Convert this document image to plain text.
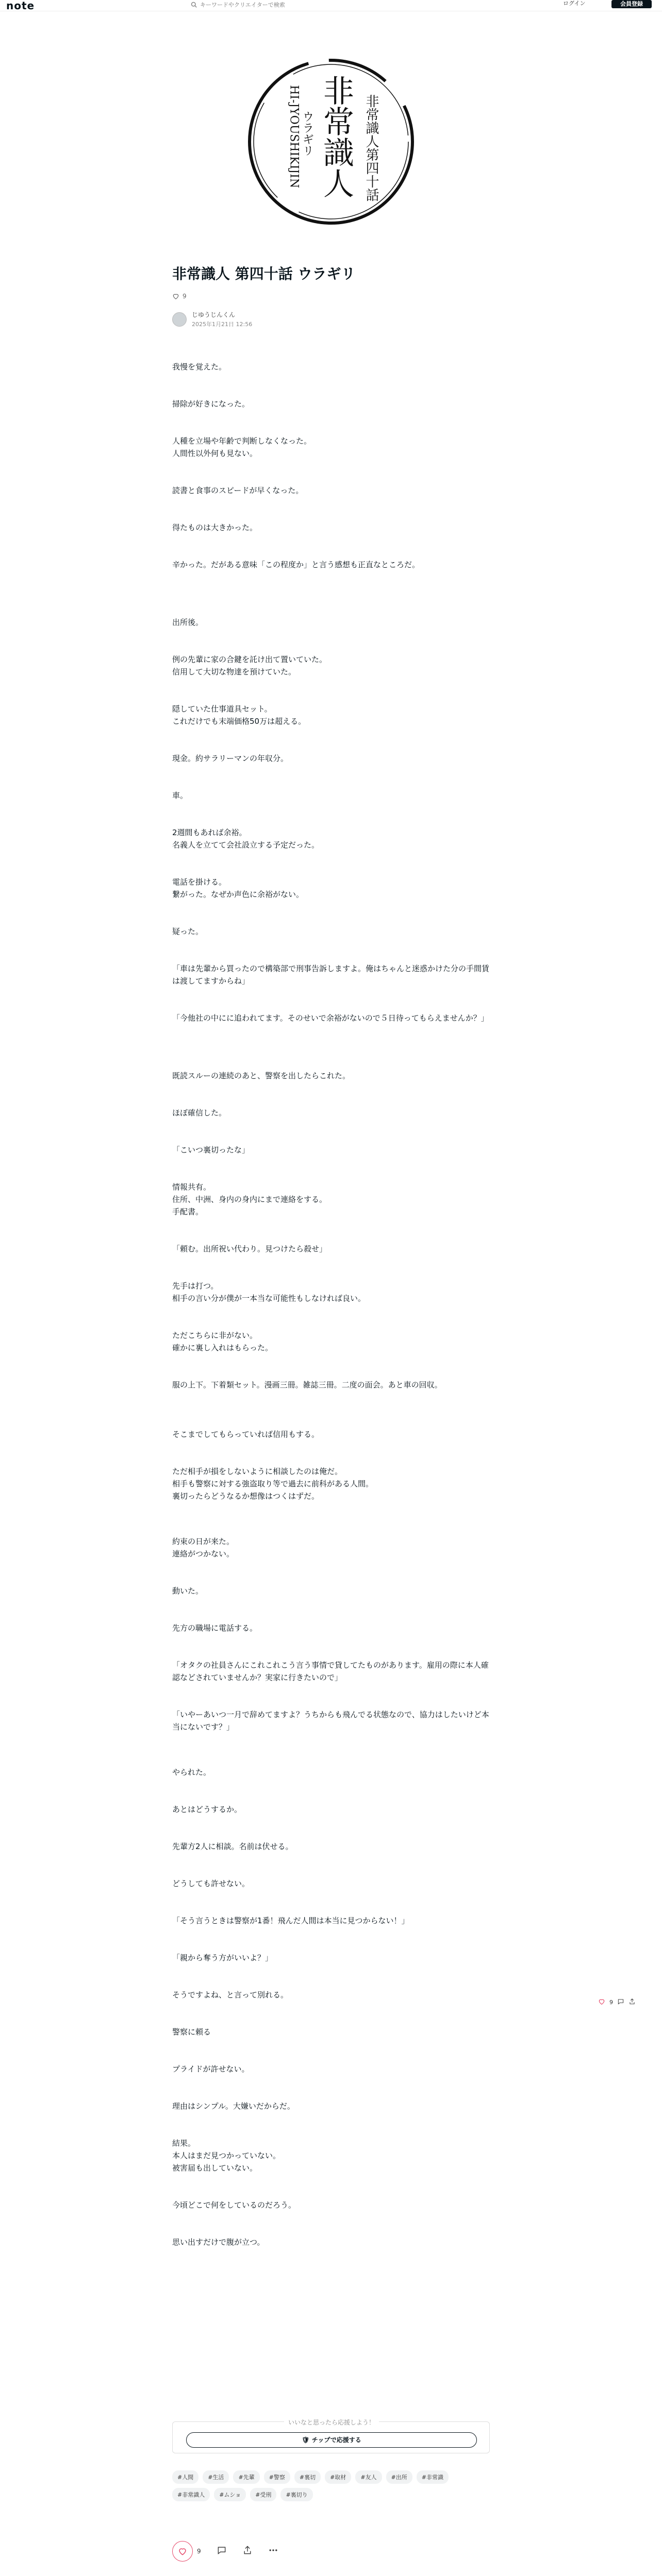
note
キーワードやクリエイターで検索	ログイン	会員登録
非常識人第四十話
非常識人
ウラギリ
HI-JYOUSHIKIJIN
非常識人 第四十話 ウラギリ
9
じゆうじんくん
2025年1月21日 12:56
我慢を覚えた。
掃除が好きになった。
人種を立場や年齢で判断しなくなった。
人間性以外何も見ない。
読書と食事のスピードが早くなった。
得たものは大きかった。
辛かった。だがある意味「この程度か」と言う感想も正直なところだ。
出所後。
例の先輩に家の合鍵を託け出て置いていた。
信用して大切な物達を預けていた。
隠していた仕事道具セット。
これだけでも末端価格50万は超える。
現金。約サラリーマンの年収分。
車。
2週間もあれば余裕。
名義人を立てて会社設立する予定だった。
電話を掛ける。
繋がった。なぜか声色に余裕がない。
疑った。
「車は先輩から買ったので構築部で刑事告訴しますよ。俺はちゃんと迷惑かけた分の手間賃は渡してますからね」
「今他社の中にに追われてます。そのせいで余裕がないので５日待ってもらえませんか？」
既読スルーの連続のあと、警察を出したらこれた。
ほぼ確信した。
「こいつ裏切ったな」
情報共有。
住所、中洲、身内の身内にまで連絡をする。
手配書。
「頼む。出所祝い代わり。見つけたら殺せ」
先手は打つ。
相手の言い分が僕が一本当な可能性もしなければ良い。
ただこちらに非がない。
確かに裏し入れはもらった。
服の上下。下着類セット。漫画三冊。雑誌三冊。二度の面会。あと車の回収。
そこまでしてもらっていれば信用もする。
ただ相手が損をしないように相談したのは俺だ。
相手も警察に対する強盗取り等で過去に前科がある人間。
裏切ったらどうなるか想像はつくはずだ。
約束の日が来た。
連絡がつかない。
動いた。
先方の職場に電話する。
「オタクの社員さんにこれこれこう言う事情で貸してたものがあります。雇用の際に本人確認などされていませんか？実家に行きたいので」
「いやーあいつ一月で辞めてますよ？うちからも飛んでる状態なので、協力はしたいけど本当にないです？」
やられた。
あとはどうするか。
先輩方2人に相談。名前は伏せる。
どうしても許せない。
「そう言うときは警察が1番！飛んだ人間は本当に見つからない！」
「親から奪う方がいいよ？」
そうですよね、と言って別れる。
警察に頼る
プライドが許せない。
理由はシンプル。大嫌いだからだ。
結果。
本人はまだ見つかっていない。
被害届も出していない。
今頃どこで何をしているのだろう。
思い出すだけで腹が立つ。
いいなと思ったら応援しよう！
🛡 チップで応援する
#人間	#生活	#先輩	#警察	#裏切	#取材	#友人	#出所	#非常識
#非常識人	#ムショ	#受刑	#裏切り
9
9
